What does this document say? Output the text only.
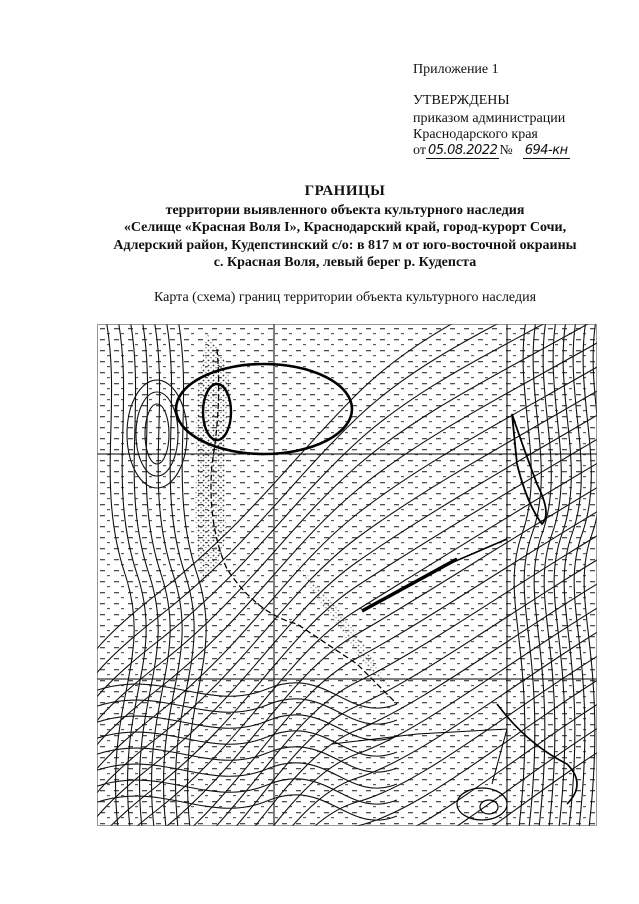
Приложение 1
УТВЕРЖДЕНЫ
приказом администрации
Краснодарского края
от 05.08.2022 № 694-кн
ГРАНИЦЫ
территории выявленного объекта культурного наследия
«Селище «Красная Воля I», Краснодарский край, город-курорт Сочи,
Адлерский район, Кудепстинский с/о: в 817 м от юго-восточной окраины
с. Красная Воля, левый берег р. Кудепста
Карта (схема) границ территории объекта культурного наследия
